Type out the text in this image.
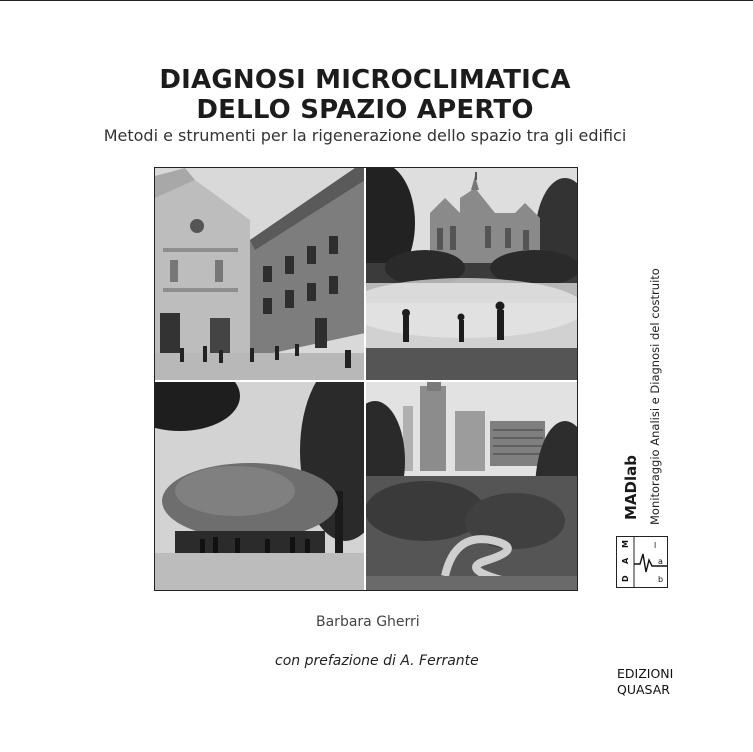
DIAGNOSI MICROCLIMATICA
DELLO SPAZIO APERTO
Metodi e strumenti per la rigenerazione dello spazio tra gli edifici
Barbara Gherri
con prefazione di A. Ferrante
MADlab Monitoraggio Analisi e Diagnosi del costruito
M
A
D
l
a
b
EDIZIONI
QUASAR
